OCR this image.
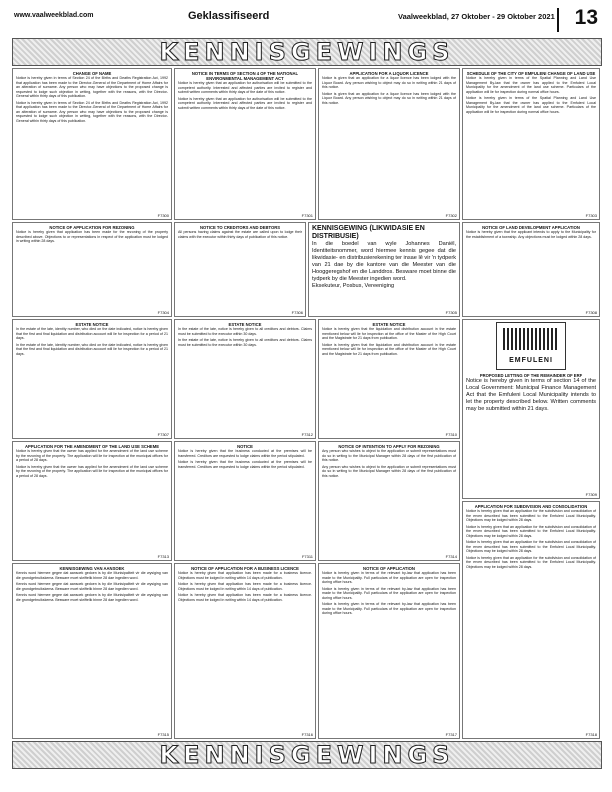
www.vaalweekblad.com	Geklassifiseerd	Vaalweekblad, 27 Oktober - 29 Oktober 2021 13
KENNISGEWINGS
CHANGE OF NAME
Notice is hereby given in terms of Section 24 of the Births and Deaths Registration Act, 1992 that application has been made to the Director-General of the Department of Home Affairs for an alteration of surname. Any person who may have objections to the proposed change is requested to lodge such objection in writing, together with the reasons, with the Director-General within thirty days of this publication.
Notice is hereby given in terms of Section 24 of the Births and Deaths Registration Act, 1992 that application has been made to the Director-General of the Department of Home Affairs for an alteration of surname. Any person who may have objections to the proposed change is requested to lodge such objection in writing, together with the reasons, with the Director-General within thirty days of this publication.
F7300
NOTICE IN TERMS OF SECTION 4 OF THE NATIONAL ENVIRONMENTAL MANAGEMENT ACT
Notice is hereby given that an application for authorisation will be submitted to the competent authority. Interested and affected parties are invited to register and submit written comments within thirty days of the date of this notice.
Notice is hereby given that an application for authorisation will be submitted to the competent authority. Interested and affected parties are invited to register and submit written comments within thirty days of the date of this notice.
F7301
APPLICATION FOR A LIQUOR LICENCE
Notice is given that an application for a liquor licence has been lodged with the Liquor Board. Any person wishing to object may do so in writing within 21 days of this notice.
Notice is given that an application for a liquor licence has been lodged with the Liquor Board. Any person wishing to object may do so in writing within 21 days of this notice.
F7302
SCHEDULE OF THE CITY OF EMFULENI CHANGE OF LAND USE
Notice is hereby given in terms of the Spatial Planning and Land Use Management By-law that the owner has applied to the Emfuleni Local Municipality for the amendment of the land use scheme. Particulars of the application will lie for inspection during normal office hours.
Notice is hereby given in terms of the Spatial Planning and Land Use Management By-law that the owner has applied to the Emfuleni Local Municipality for the amendment of the land use scheme. Particulars of the application will lie for inspection during normal office hours.
F7303
NOTICE OF APPLICATION FOR REZONING
Notice is hereby given that application has been made for the rezoning of the property described above. Objections to or representations in respect of the application must be lodged in writing within 28 days.
F7304
NOTICE TO CREDITORS AND DEBTORS
All persons having claims against the estate are called upon to lodge their claims with the executor within thirty days of publication of this notice.
F7306
KENNISGEWING (LIKWIDASIE EN DISTRIBUSIE)
In die boedel van wyle Johannes Daniël, Identiteitsnommer, word hiermee kennis gegee dat die likwidasie- en distribusierekening ter insae lê vir 'n tydperk van 21 dae by die kantore van die Meester van die Hooggeregshof en die Landdros. Besware moet binne die tydperk by die Meester ingedien word.
Eksekuteur, Posbus, Vereeniging
F7305
NOTICE OF LAND DEVELOPMENT APPLICATION
Notice is hereby given that the applicant intends to apply to the Municipality for the establishment of a township. Any objections must be lodged within 28 days.
F7308
ESTATE NOTICE
In the estate of the late, identity number, who died on the date indicated, notice is hereby given that the first and final liquidation and distribution account will lie for inspection for a period of 21 days.
In the estate of the late, identity number, who died on the date indicated, notice is hereby given that the first and final liquidation and distribution account will lie for inspection for a period of 21 days.
F7307
ESTATE NOTICE
In the estate of the late, notice is hereby given to all creditors and debtors. Claims must be submitted to the executor within 30 days.
In the estate of the late, notice is hereby given to all creditors and debtors. Claims must be submitted to the executor within 30 days.
F7312
ESTATE NOTICE
Notice is hereby given that the liquidation and distribution account in the estate mentioned below will lie for inspection at the office of the Master of the High Court and the Magistrate for 21 days from publication.
Notice is hereby given that the liquidation and distribution account in the estate mentioned below will lie for inspection at the office of the Master of the High Court and the Magistrate for 21 days from publication.
F7310
EMFULENI
PROPOSED LETTING OF THE REMAINDER OF ERF
Notice is hereby given in terms of section 14 of the Local Government: Municipal Finance Management Act that the Emfuleni Local Municipality intends to let the property described below. Written comments may be submitted within 21 days.
F7309
APPLICATION FOR THE AMENDMENT OF THE LAND USE SCHEME
Notice is hereby given that the owner has applied for the amendment of the land use scheme by the rezoning of the property. The application will lie for inspection at the municipal offices for a period of 28 days.
Notice is hereby given that the owner has applied for the amendment of the land use scheme by the rezoning of the property. The application will lie for inspection at the municipal offices for a period of 28 days.
F7313
NOTICE
Notice is hereby given that the business conducted at the premises will be transferred. Creditors are requested to lodge claims within the period stipulated.
Notice is hereby given that the business conducted at the premises will be transferred. Creditors are requested to lodge claims within the period stipulated.
F7311
NOTICE OF INTENTION TO APPLY FOR REZONING
Any person who wishes to object to the application or submit representations must do so in writing to the Municipal Manager within 28 days of the first publication of this notice.
Any person who wishes to object to the application or submit representations must do so in writing to the Municipal Manager within 28 days of the first publication of this notice.
F7314
APPLICATION FOR SUBDIVISION AND CONSOLIDATION
Notice is hereby given that an application for the subdivision and consolidation of the erven described has been submitted to the Emfuleni Local Municipality. Objections may be lodged within 28 days.
Notice is hereby given that an application for the subdivision and consolidation of the erven described has been submitted to the Emfuleni Local Municipality. Objections may be lodged within 28 days.
Notice is hereby given that an application for the subdivision and consolidation of the erven described has been submitted to the Emfuleni Local Municipality. Objections may be lodged within 28 days.
Notice is hereby given that an application for the subdivision and consolidation of the erven described has been submitted to the Emfuleni Local Municipality. Objections may be lodged within 28 days.
F7318
KENNISGEWING VAN AANSOEK
Kennis word hiermee gegee dat aansoek gedoen is by die Munisipaliteit vir die wysiging van die grondgebruikskema. Besware moet skriftelik binne 28 dae ingedien word.
Kennis word hiermee gegee dat aansoek gedoen is by die Munisipaliteit vir die wysiging van die grondgebruikskema. Besware moet skriftelik binne 28 dae ingedien word.
Kennis word hiermee gegee dat aansoek gedoen is by die Munisipaliteit vir die wysiging van die grondgebruikskema. Besware moet skriftelik binne 28 dae ingedien word.
F7315
NOTICE OF APPLICATION FOR A BUSINESS LICENCE
Notice is hereby given that application has been made for a business licence. Objections must be lodged in writing within 14 days of publication.
Notice is hereby given that application has been made for a business licence. Objections must be lodged in writing within 14 days of publication.
Notice is hereby given that application has been made for a business licence. Objections must be lodged in writing within 14 days of publication.
F7316
NOTICE OF APPLICATION
Notice is hereby given in terms of the relevant by-law that application has been made to the Municipality. Full particulars of the application are open for inspection during office hours.
Notice is hereby given in terms of the relevant by-law that application has been made to the Municipality. Full particulars of the application are open for inspection during office hours.
Notice is hereby given in terms of the relevant by-law that application has been made to the Municipality. Full particulars of the application are open for inspection during office hours.
F7317
KENNISGEWINGS
